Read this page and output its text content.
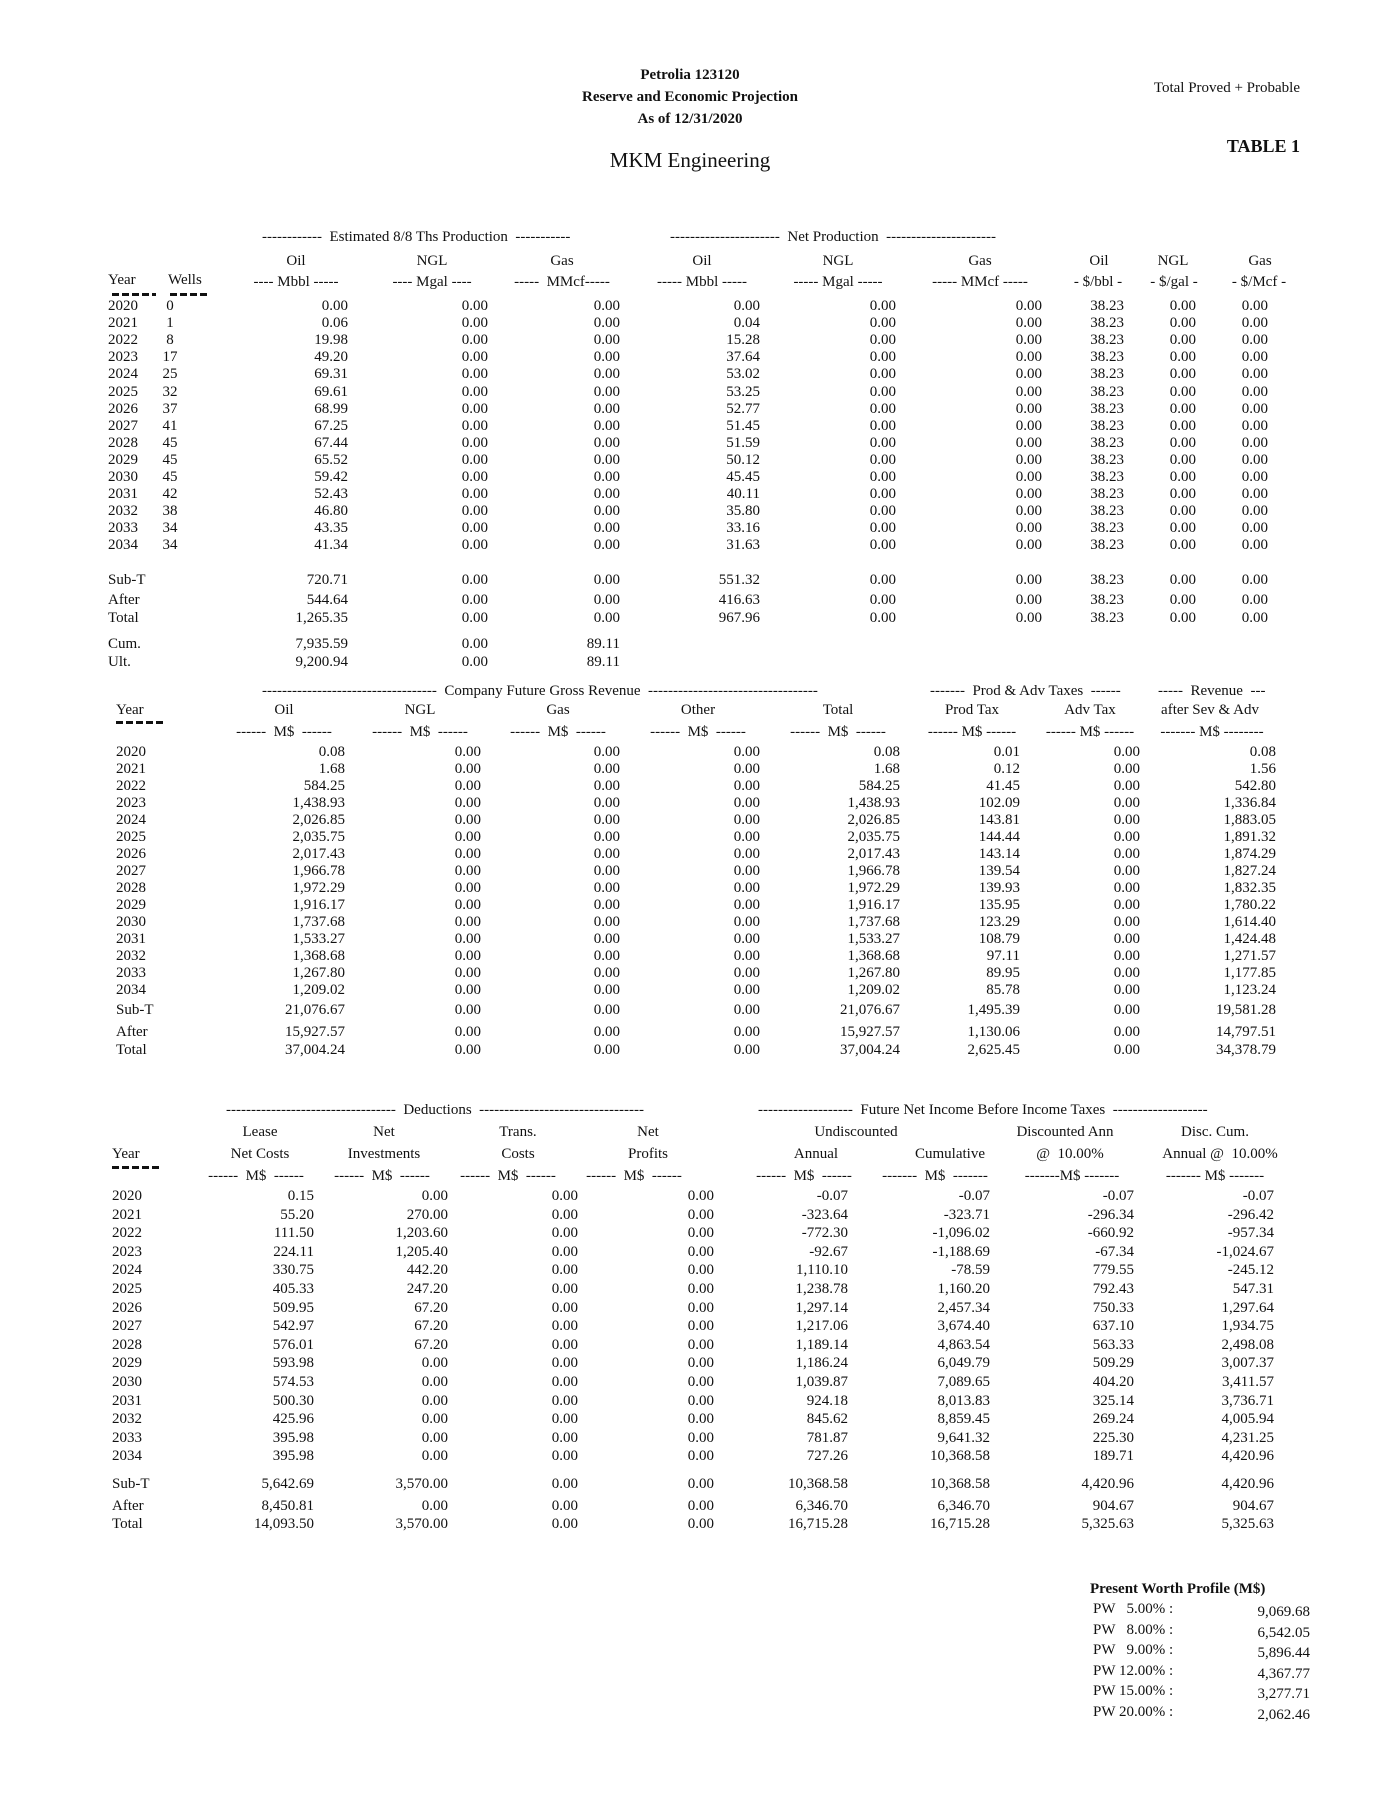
Petrolia 123120
Reserve and Economic Projection
As of 12/31/2020
MKM Engineering
Total Proved + Probable
TABLE 1
------------  Estimated 8/8 Ths Production  -----------	----------------------  Net Production  ----------------------
Oil	NGL	Gas	Oil	NGL	Gas	Oil	NGL	Gas
Year Wells	---- Mbbl -----	---- Mgal ----	-----  MMcf-----	----- Mbbl -----	----- Mgal -----	----- MMcf -----	- $/bbl -	- $/gal -	- $/Mcf -
2020	0	0.00	0.00	0.00	0.00	0.00	0.00	38.23	0.00	0.00
2021	1	0.06	0.00	0.00	0.04	0.00	0.00	38.23	0.00	0.00
2022	8	19.98	0.00	0.00	15.28	0.00	0.00	38.23	0.00	0.00
2023	17	49.20	0.00	0.00	37.64	0.00	0.00	38.23	0.00	0.00
2024	25	69.31	0.00	0.00	53.02	0.00	0.00	38.23	0.00	0.00
2025	32	69.61	0.00	0.00	53.25	0.00	0.00	38.23	0.00	0.00
2026	37	68.99	0.00	0.00	52.77	0.00	0.00	38.23	0.00	0.00
2027	41	67.25	0.00	0.00	51.45	0.00	0.00	38.23	0.00	0.00
2028	45	67.44	0.00	0.00	51.59	0.00	0.00	38.23	0.00	0.00
2029	45	65.52	0.00	0.00	50.12	0.00	0.00	38.23	0.00	0.00
2030	45	59.42	0.00	0.00	45.45	0.00	0.00	38.23	0.00	0.00
2031	42	52.43	0.00	0.00	40.11	0.00	0.00	38.23	0.00	0.00
2032	38	46.80	0.00	0.00	35.80	0.00	0.00	38.23	0.00	0.00
2033	34	43.35	0.00	0.00	33.16	0.00	0.00	38.23	0.00	0.00
2034	34	41.34	0.00	0.00	31.63	0.00	0.00	38.23	0.00	0.00
Sub-T	720.71	0.00	0.00	551.32	0.00	0.00	38.23	0.00	0.00
After	544.64	0.00	0.00	416.63	0.00	0.00	38.23	0.00	0.00
Total	1,265.35	0.00	0.00	967.96	0.00	0.00	38.23	0.00	0.00
Cum.	7,935.59	0.00	89.11
Ult.	9,200.94	0.00	89.11
-----------------------------------  Company Future Gross Revenue  ----------------------------------	-------  Prod & Adv Taxes  ------ -----  Revenue  ---
Year	Oil	NGL	Gas	Other	Total	Prod Tax	Adv Tax	after Sev & Adv
------  M$  ------	------  M$  ------	------  M$  ------	------  M$  ------	------  M$  ------	------ M$ ------	------ M$ ------	------- M$ --------
2020	0.08	0.00	0.00	0.00	0.08	0.01	0.00	0.08
2021	1.68	0.00	0.00	0.00	1.68	0.12	0.00	1.56
2022	584.25	0.00	0.00	0.00	584.25	41.45	0.00	542.80
2023	1,438.93	0.00	0.00	0.00	1,438.93	102.09	0.00	1,336.84
2024	2,026.85	0.00	0.00	0.00	2,026.85	143.81	0.00	1,883.05
2025	2,035.75	0.00	0.00	0.00	2,035.75	144.44	0.00	1,891.32
2026	2,017.43	0.00	0.00	0.00	2,017.43	143.14	0.00	1,874.29
2027	1,966.78	0.00	0.00	0.00	1,966.78	139.54	0.00	1,827.24
2028	1,972.29	0.00	0.00	0.00	1,972.29	139.93	0.00	1,832.35
2029	1,916.17	0.00	0.00	0.00	1,916.17	135.95	0.00	1,780.22
2030	1,737.68	0.00	0.00	0.00	1,737.68	123.29	0.00	1,614.40
2031	1,533.27	0.00	0.00	0.00	1,533.27	108.79	0.00	1,424.48
2032	1,368.68	0.00	0.00	0.00	1,368.68	97.11	0.00	1,271.57
2033	1,267.80	0.00	0.00	0.00	1,267.80	89.95	0.00	1,177.85
2034	1,209.02	0.00	0.00	0.00	1,209.02	85.78	0.00	1,123.24
Sub-T	21,076.67	0.00	0.00	0.00	21,076.67	1,495.39	0.00	19,581.28
After	15,927.57	0.00	0.00	0.00	15,927.57	1,130.06	0.00	14,797.51
Total	37,004.24	0.00	0.00	0.00	37,004.24	2,625.45	0.00	34,378.79
----------------------------------  Deductions  ---------------------------------	-------------------  Future Net Income Before Income Taxes  -------------------
Lease	Net	Trans.	Net	Undiscounted	Discounted Ann	Disc. Cum.
Year	Net Costs	Investments	Costs	Profits	Annual	Cumulative	@  10.00%	Annual @  10.00%
------  M$  ------	------  M$  ------	------  M$  ------	------  M$  ------	------  M$  ------	-------  M$  -------	-------M$ -------	------- M$ -------
2020	0.15	0.00	0.00	0.00	-0.07	-0.07	-0.07	-0.07
2021	55.20	270.00	0.00	0.00	-323.64	-323.71	-296.34	-296.42
2022	111.50	1,203.60	0.00	0.00	-772.30	-1,096.02	-660.92	-957.34
2023	224.11	1,205.40	0.00	0.00	-92.67	-1,188.69	-67.34	-1,024.67
2024	330.75	442.20	0.00	0.00	1,110.10	-78.59	779.55	-245.12
2025	405.33	247.20	0.00	0.00	1,238.78	1,160.20	792.43	547.31
2026	509.95	67.20	0.00	0.00	1,297.14	2,457.34	750.33	1,297.64
2027	542.97	67.20	0.00	0.00	1,217.06	3,674.40	637.10	1,934.75
2028	576.01	67.20	0.00	0.00	1,189.14	4,863.54	563.33	2,498.08
2029	593.98	0.00	0.00	0.00	1,186.24	6,049.79	509.29	3,007.37
2030	574.53	0.00	0.00	0.00	1,039.87	7,089.65	404.20	3,411.57
2031	500.30	0.00	0.00	0.00	924.18	8,013.83	325.14	3,736.71
2032	425.96	0.00	0.00	0.00	845.62	8,859.45	269.24	4,005.94
2033	395.98	0.00	0.00	0.00	781.87	9,641.32	225.30	4,231.25
2034	395.98	0.00	0.00	0.00	727.26	10,368.58	189.71	4,420.96
Sub-T	5,642.69	3,570.00	0.00	0.00	10,368.58	10,368.58	4,420.96	4,420.96
After	8,450.81	0.00	0.00	0.00	6,346.70	6,346.70	904.67	904.67
Total	14,093.50	3,570.00	0.00	0.00	16,715.28	16,715.28	5,325.63	5,325.63
Present Worth Profile (M$)
PW   5.00% :	9,069.68
PW   8.00% :	6,542.05
PW   9.00% :	5,896.44
PW 12.00% :	4,367.77
PW 15.00% :	3,277.71
PW 20.00% :	2,062.46
